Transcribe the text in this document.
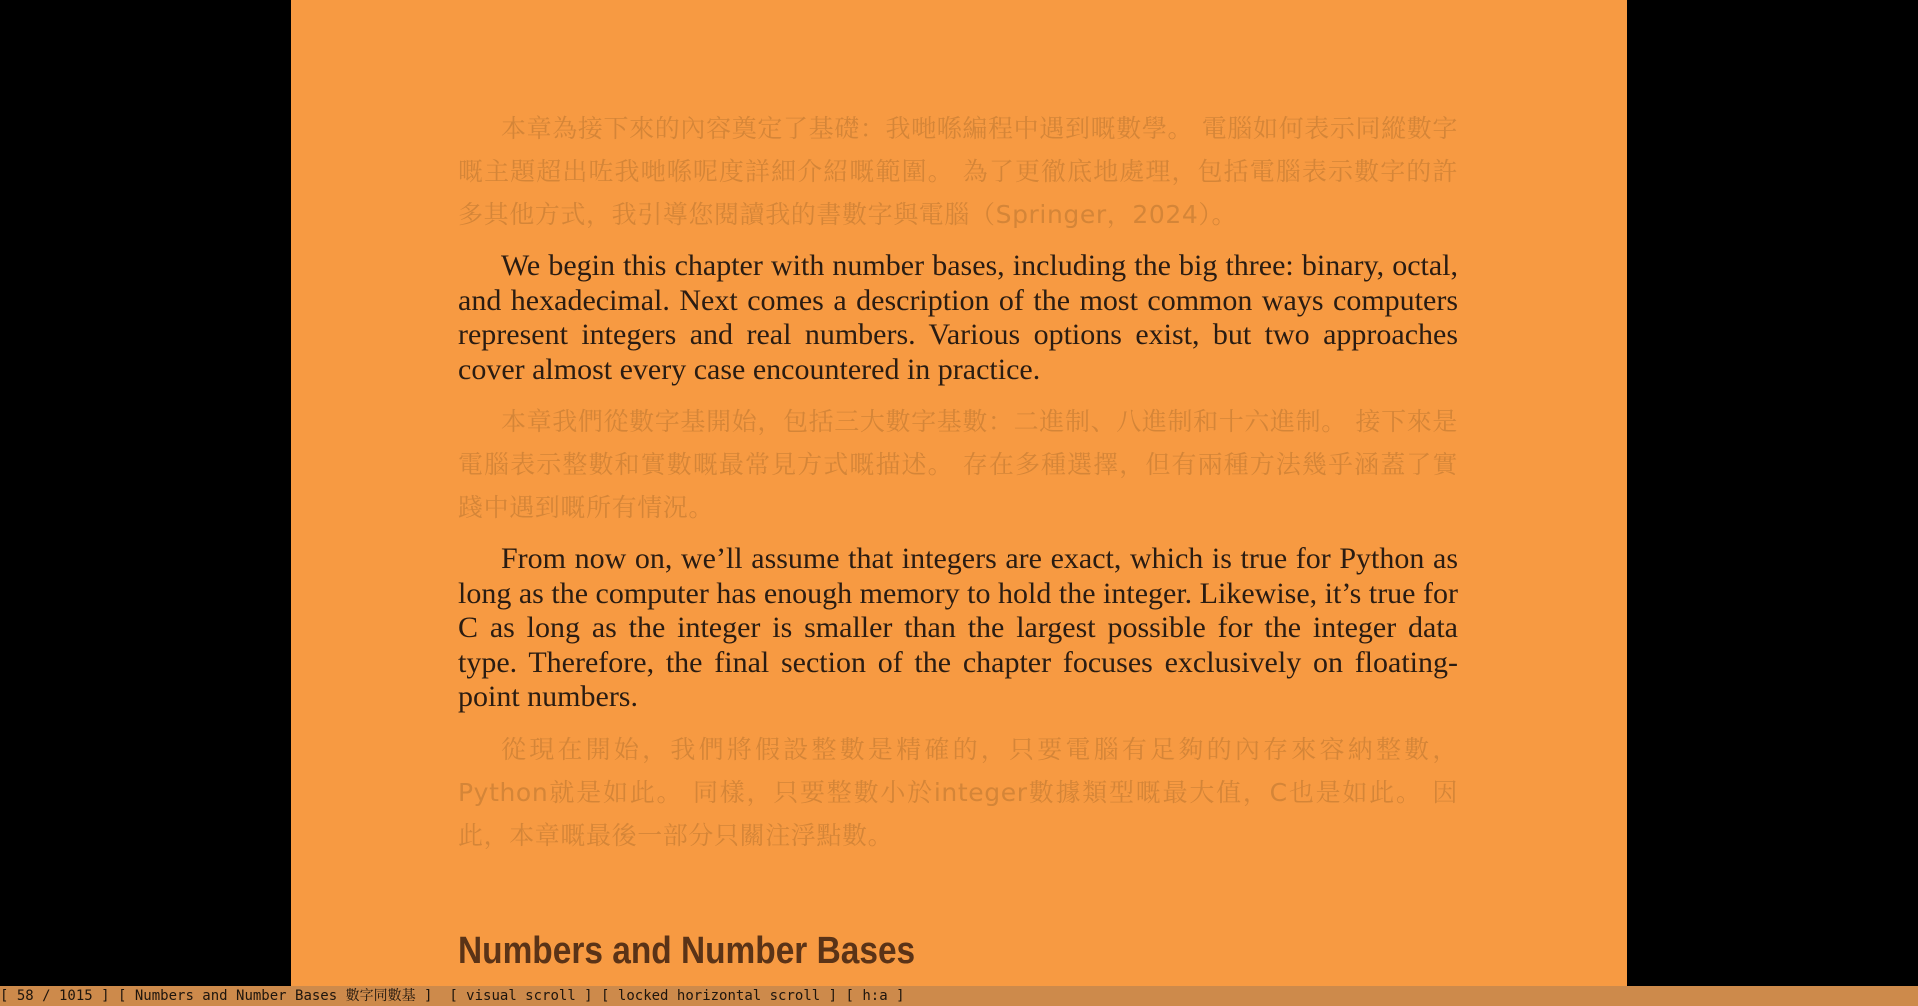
本章為接下來的內容奠定了基礎：我哋喺編程中遇到嘅數學。 電腦如何表示同縱數字嘅主題超出咗我哋喺呢度詳細介紹嘅範圍。 為了更徹底地處理，包括電腦表示數字的許多其他方式，我引導您閱讀我的書數字與電腦（Springer，2024）。

We begin this chapter with number bases, including the big three: binary, octal, and hexadecimal. Next comes a description of the most common ways computers represent integers and real numbers. Various options exist, but two approaches cover almost every case encountered in practice.

本章我們從數字基開始，包括三大數字基數：二進制、八進制和十六進制。 接下來是電腦表示整數和實數嘅最常見方式嘅描述。 存在多種選擇，但有兩種方法幾乎涵蓋了實踐中遇到嘅所有情況。

From now on, we’ll assume that integers are exact, which is true for Python as long as the computer has enough memory to hold the integer. Likewise, it’s true for C as long as the integer is smaller than the largest possible for the integer data type. Therefore, the final section of the chapter focuses exclusively on floating-point numbers.

從現在開始，我們將假設整數是精確的，只要電腦有足夠的內存來容納整數，Python就是如此。 同樣，只要整數小於integer數據類型嘅最大值，C也是如此。 因此，本章嘅最後一部分只關注浮點數。

Numbers and Number Bases
[ 58 / 1015 ] [ Numbers and Number Bases 數字同數基 ] [ visual scroll ] [ locked horizontal scroll ] [ h:a ]
